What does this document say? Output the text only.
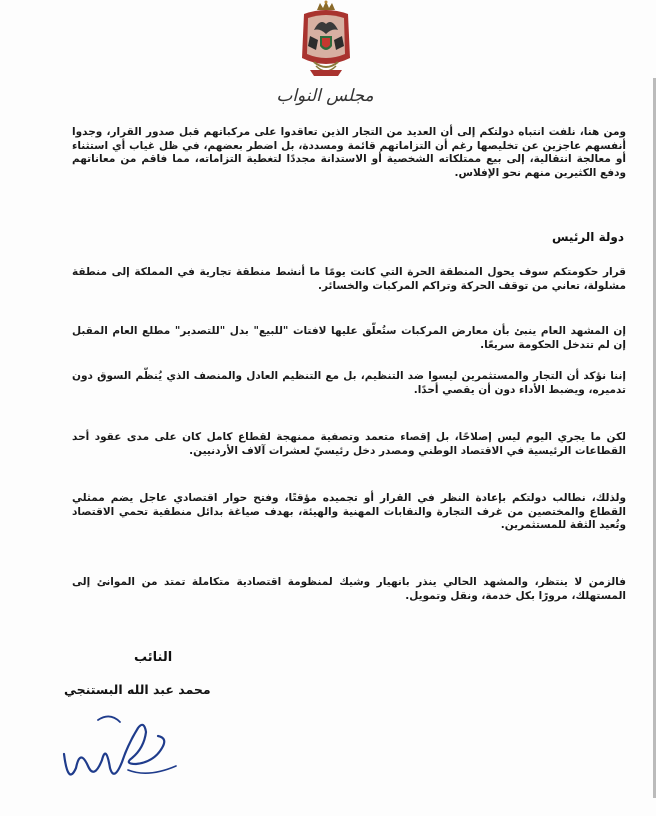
مجلس النواب

ومن هنا، نلفت انتباه دولتكم إلى أن العديد من التجار الذين تعاقدوا على مركباتهم قبل صدور القرار، وجدوا أنفسهم عاجزين عن تخليصها رغم أن التزاماتهم قائمة ومسددة، بل اضطر بعضهم، في ظل غياب أي استثناء أو معالجة انتقالية، إلى بيع ممتلكاته الشخصية أو الاستدانة مجددًا لتغطية التزاماته، مما فاقم من معاناتهم ودفع الكثيرين منهم نحو الإفلاس.

دولة الرئيس

قرار حكومتكم سوف يحول المنطقة الحرة التي كانت يومًا ما أنشط منطقة تجارية في المملكة إلى منطقة مشلولة، تعاني من توقف الحركة وتراكم المركبات والخسائر.

إن المشهد العام ينبئ بأن معارض المركبات ستُعلّق عليها لافتات "للبيع" بدل "للتصدير" مطلع العام المقبل إن لم تتدخل الحكومة سريعًا.

إننا نؤكد أن التجار والمستثمرين ليسوا ضد التنظيم، بل مع التنظيم العادل والمنصف الذي يُنظّم السوق دون تدميره، ويضبط الأداء دون أن يقصي أحدًا.

لكن ما يجري اليوم ليس إصلاحًا، بل إقصاء متعمد وتصفية ممنهجة لقطاع كامل كان على مدى عقود أحد القطاعات الرئيسية في الاقتصاد الوطني ومصدر دخل رئيسيّ لعشرات آلاف الأردنيين.

ولذلك، نطالب دولتكم بإعادة النظر في القرار أو تجميده مؤقتًا، وفتح حوار اقتصادي عاجل يضم ممثلي القطاع والمختصين من غرف التجارة والنقابات المهنية والهيئة، بهدف صياغة بدائل منطقية تحمي الاقتصاد وتُعيد الثقة للمستثمرين.

فالزمن لا ينتظر، والمشهد الحالي ينذر بانهيار وشيك لمنظومة اقتصادية متكاملة تمتد من الموانئ إلى المستهلك، مرورًا بكل خدمة، ونقل وتمويل.

النائب
محمد عبد الله البستنجي
